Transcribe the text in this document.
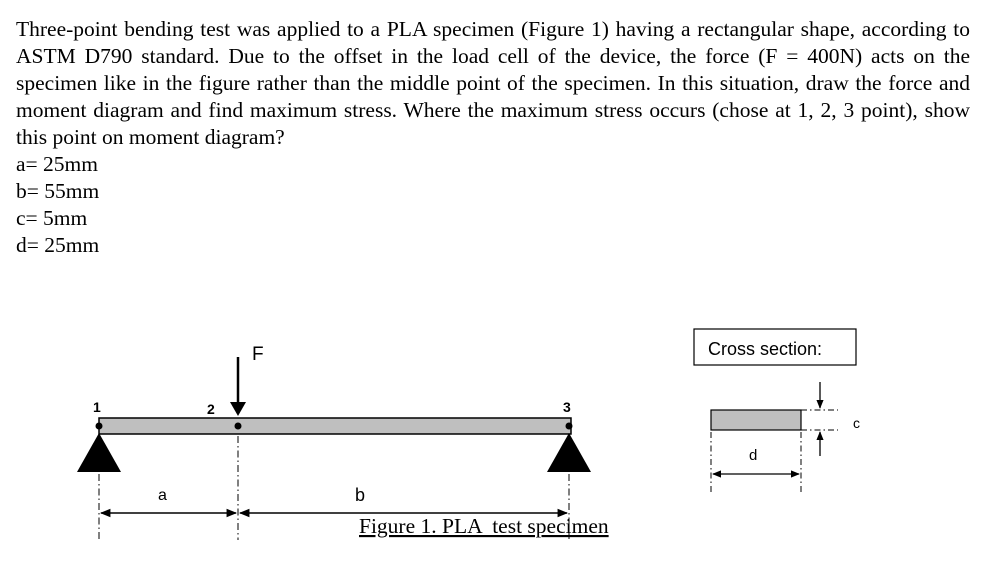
Three-point bending test was applied to a PLA specimen (Figure 1) having a rectangular shape, according to ASTM D790 standard. Due to the offset in the load cell of the device, the force (F = 400N) acts on the specimen like in the figure rather than the middle point of the specimen. In this situation, draw the force and moment diagram and find maximum stress. Where the maximum stress occurs (chose at 1, 2, 3 point), show this point on moment diagram?

a= 25mm
b= 55mm
c= 5mm
d= 25mm
F
1	2	3
a	b
Figure 1. PLA  test specimen
Cross section:
c
d
